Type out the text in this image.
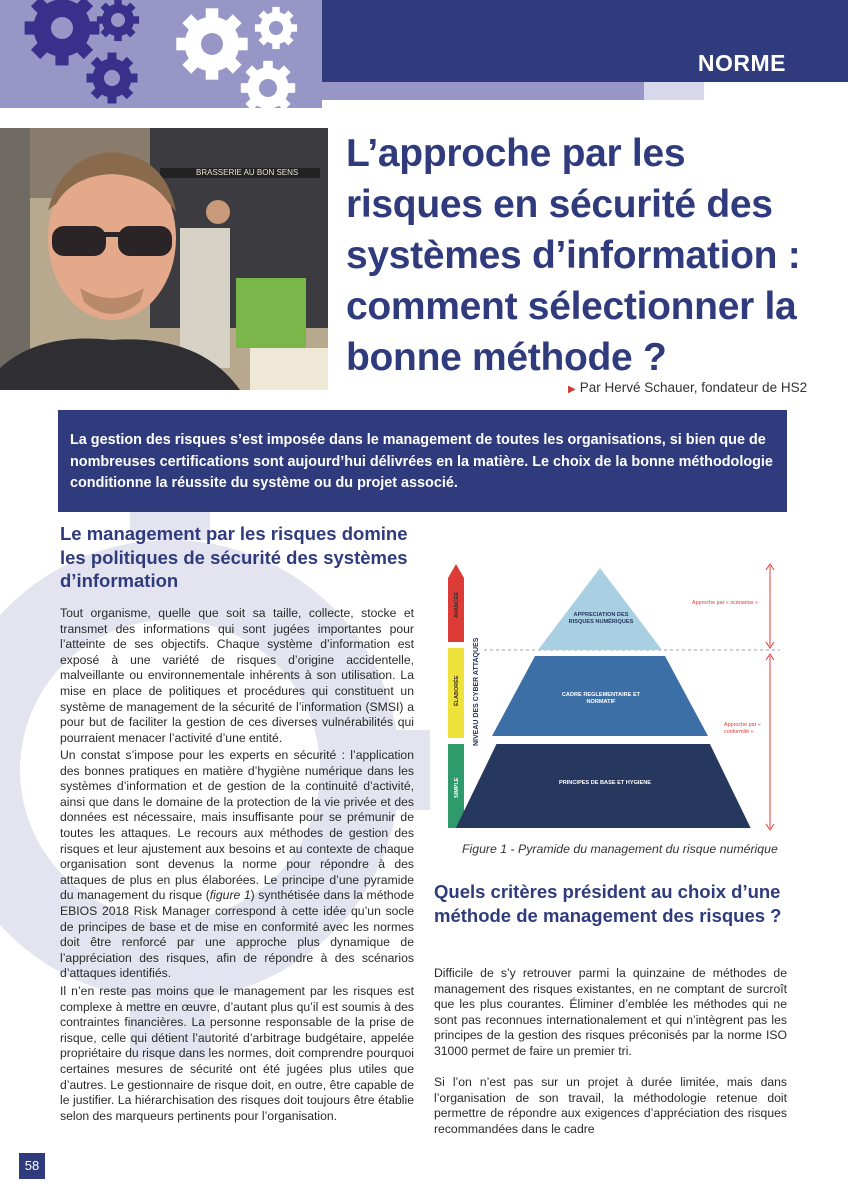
NORME
BRASSERIE AU BON SENS L’approche par les risques en sécurité des systèmes d’information : comment sélectionner la bonne méthode ?
▶ Par Hervé Schauer, fondateur de HS2

La gestion des risques s’est imposée dans le management de toutes les organisations, si bien que de nombreuses certifications sont aujourd’hui délivrées en la matière. Le choix de la bonne méthodologie conditionne la réussite du système ou du projet associé.

Le management par les risques domine les politiques de sécurité des systèmes d’information
Tout organisme, quelle que soit sa taille, collecte, stocke et transmet des informations qui sont jugées importantes pour l’atteinte de ses objectifs. Chaque système d’information est exposé à une variété de risques d’origine accidentelle, malveillante ou environnementale inhérents à son utilisation. La mise en place de politiques et procédures qui constituent un système de management de la sécurité de l’information (SMSI) a pour but de faciliter la gestion de ces diverses vulnérabilités qui pourraient menacer l’activité d’une entité.
Un constat s’impose pour les experts en sécurité : l’application des bonnes pratiques en matière d’hygiène numérique dans les systèmes d’information et de gestion de la continuité d’activité, ainsi que dans le domaine de la protection de la vie privée et des données est nécessaire, mais insuffisante pour se prémunir de toutes les attaques. Le recours aux méthodes de gestion des risques et leur ajustement aux besoins et au contexte de chaque organisation sont devenus la norme pour répondre à des attaques de plus en plus élaborées. Le principe d’une pyramide du management du risque (figure 1) synthétisée dans la méthode EBIOS 2018 Risk Manager correspond à cette idée qu’un socle de principes de base et de mise en conformité avec les normes doit être renforcé par une approche plus dynamique de l’appréciation des risques, afin de répondre à des scénarios d’attaques identifiés.
Il n’en reste pas moins que le management par les risques est complexe à mettre en œuvre, d’autant plus qu’il est soumis à des contraintes financières. La personne responsable de la prise de risque, celle qui détient l’autorité d’arbitrage budgétaire, appelée propriétaire du risque dans les normes, doit comprendre pourquoi certaines mesures de sécurité ont été jugées plus utiles que d’autres. Le gestionnaire de risque doit, en outre, être capable de le justifier. La hiérarchisation des risques doit toujours être établie selon des marqueurs pertinents pour l’organisation.
AVANCÉE
ÉLABORÉE
SIMPLE
NIVEAU DES CYBER ATTAQUES
APPRÉCIATION DES RISQUES NUMÉRIQUES
CADRE RÉGLEMENTAIRE ET NORMATIF
PRINCIPES DE BASE ET HYGIÈNE
Approche par « scénarios »
Approche par « conformité »
Figure 1 - Pyramide du management du risque numérique
Quels critères président au choix d’une méthode de management des risques ?
Difficile de s’y retrouver parmi la quinzaine de méthodes de management des risques existantes, en ne comptant de surcroît que les plus courantes. Éliminer d’emblée les méthodes qui ne sont pas reconnues internationalement et qui n’intègrent pas les principes de la gestion des risques préconisés par la norme ISO 31000 permet de faire un premier tri.
Si l’on n’est pas sur un projet à durée limitée, mais dans l’organisation de son travail, la méthodologie retenue doit permettre de répondre aux exigences d’appréciation des risques recommandées dans le cadre
58
